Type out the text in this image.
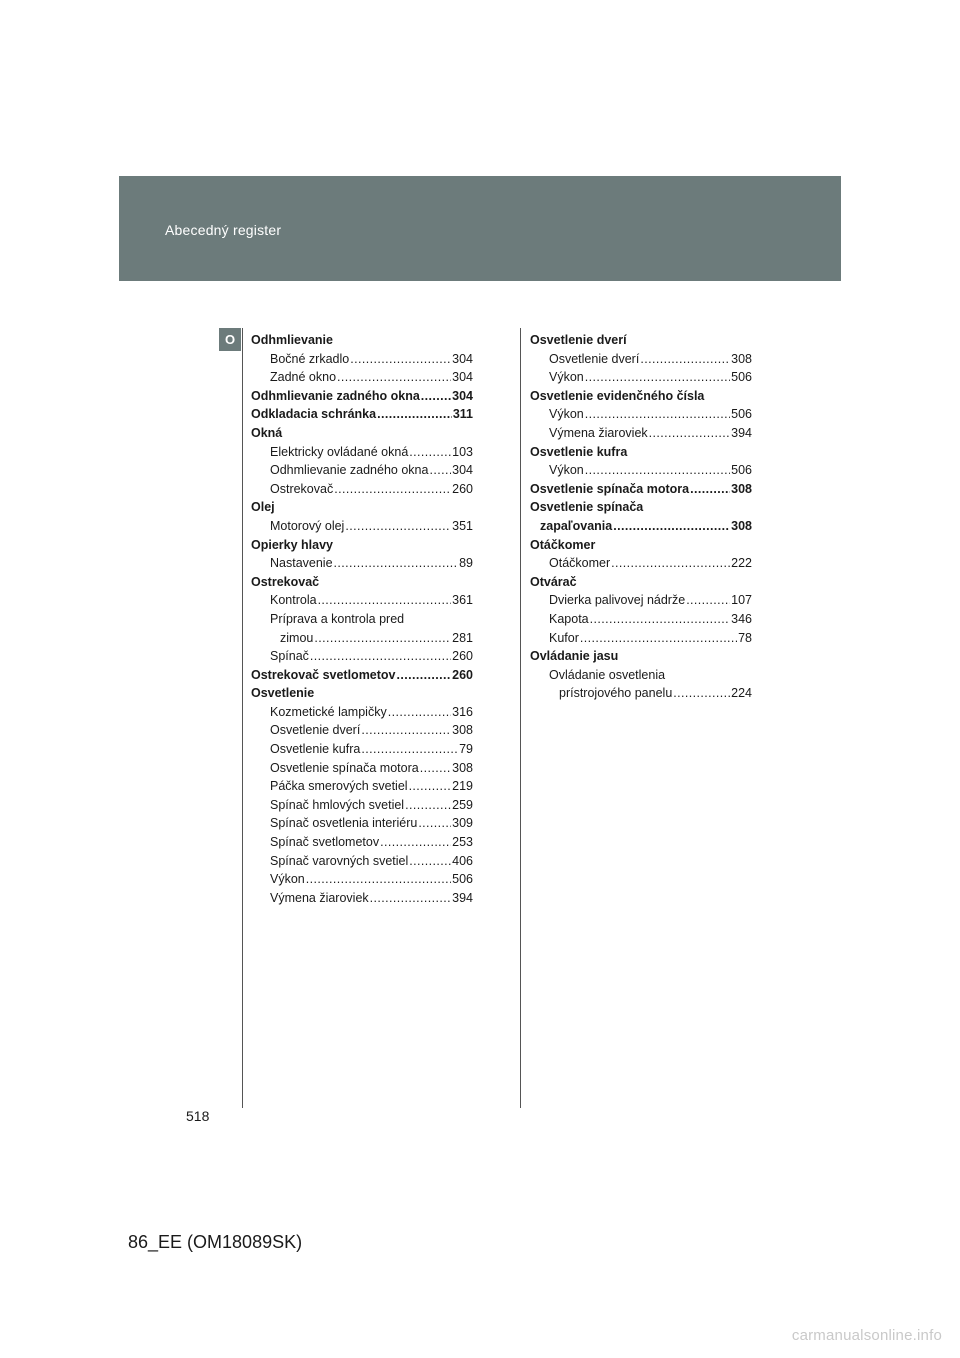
Abecedný register
O	Odhmlievanie
Bočné zrkadlo .....	304
Zadné okno .....	304
Odhmlievanie zadného okna .....	304
Odkladacia schránka .....	311
Okná
Elektricky ovládané okná .....	103
Odhmlievanie zadného okna ..... 304
Ostrekovač .....	260
Olej
Motorový olej .....	351
Opierky hlavy
Nastavenie .....	89
Ostrekovač
Kontrola .....	361
Príprava a kontrola pred
zimou .....	281
Spínač .....	260
Ostrekovač svetlometov .....	260
Osvetlenie
Kozmetické lampičky .....	316
Osvetlenie dverí .....	308
Osvetlenie kufra .....	79
Osvetlenie spínača motora .....	308
Páčka smerových svetiel .....	219
Spínač hmlových svetiel .....	259
Spínač osvetlenia interiéru .....	309
Spínač svetlometov .....	253
Spínač varovných svetiel .....	406
Výkon .....	506
Výmena žiaroviek .....	394
Osvetlenie dverí
Osvetlenie dverí .....	308
Výkon .....	506
Osvetlenie evidenčného čísla
Výkon .....	506
Výmena žiaroviek .....	394
Osvetlenie kufra
Výkon .....	506
Osvetlenie spínača motora .....	308
Osvetlenie spínača
zapaľovania .....	308
Otáčkomer
Otáčkomer .....	222
Otvárač
Dvierka palivovej nádrže .....	107
Kapota .....	346
Kufor .....	78
Ovládanie jasu
Ovládanie osvetlenia
prístrojového panelu .....	224
518
86_EE (OM18089SK)
carmanualsonline.info
